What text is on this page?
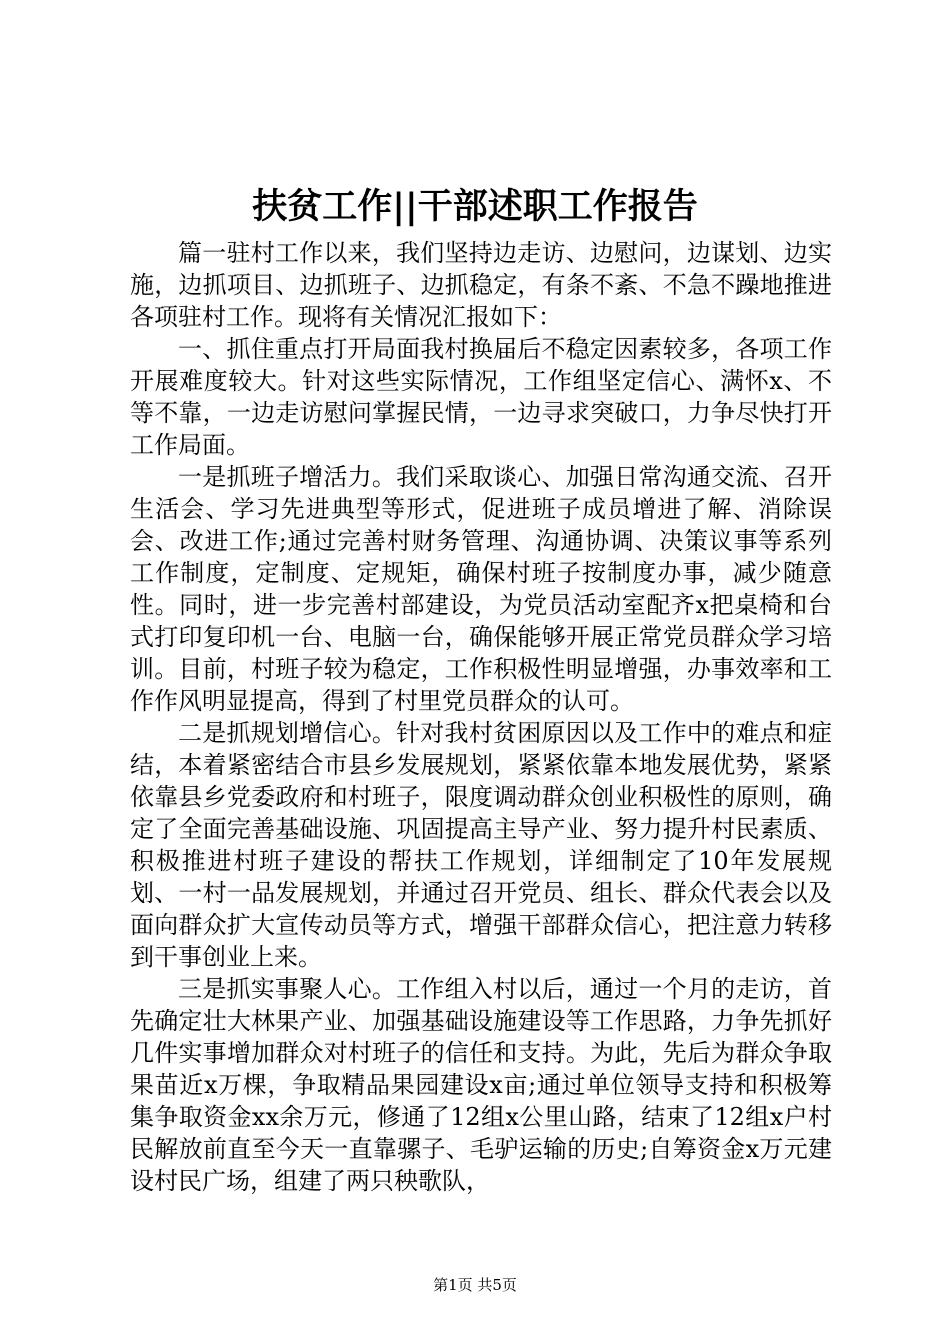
扶贫工作||干部述职工作报告

篇一驻村工作以来，我们坚持边走访、边慰问，边谋划、边实施，边抓项目、边抓班子、边抓稳定，有条不紊、不急不躁地推进各项驻村工作。现将有关情况汇报如下：

一、抓住重点打开局面我村换届后不稳定因素较多，各项工作开展难度较大。针对这些实际情况，工作组坚定信心、满怀x、不等不靠，一边走访慰问掌握民情，一边寻求突破口，力争尽快打开工作局面。

一是抓班子增活力。我们采取谈心、加强日常沟通交流、召开生活会、学习先进典型等形式，促进班子成员增进了解、消除误会、改进工作;通过完善村财务管理、沟通协调、决策议事等系列工作制度，定制度、定规矩，确保村班子按制度办事，减少随意性。同时，进一步完善村部建设，为党员活动室配齐x把桌椅和台式打印复印机一台、电脑一台，确保能够开展正常党员群众学习培训。目前，村班子较为稳定，工作积极性明显增强，办事效率和工作作风明显提高，得到了村里党员群众的认可。

二是抓规划增信心。针对我村贫困原因以及工作中的难点和症结，本着紧密结合市县乡发展规划，紧紧依靠本地发展优势，紧紧依靠县乡党委政府和村班子，限度调动群众创业积极性的原则，确定了全面完善基础设施、巩固提高主导产业、努力提升村民素质、积极推进村班子建设的帮扶工作规划，详细制定了10年发展规划、一村一品发展规划，并通过召开党员、组长、群众代表会以及面向群众扩大宣传动员等方式，增强干部群众信心，把注意力转移到干事创业上来。

三是抓实事聚人心。工作组入村以后，通过一个月的走访，首先确定壮大林果产业、加强基础设施建设等工作思路，力争先抓好几件实事增加群众对村班子的信任和支持。为此，先后为群众争取果苗近x万棵，争取精品果园建设x亩;通过单位领导支持和积极筹集争取资金xx余万元，修通了12组x公里山路，结束了12组x户村民解放前直至今天一直靠骡子、毛驴运输的历史;自筹资金x万元建设村民广场，组建了两只秧歌队，

第1页 共5页
